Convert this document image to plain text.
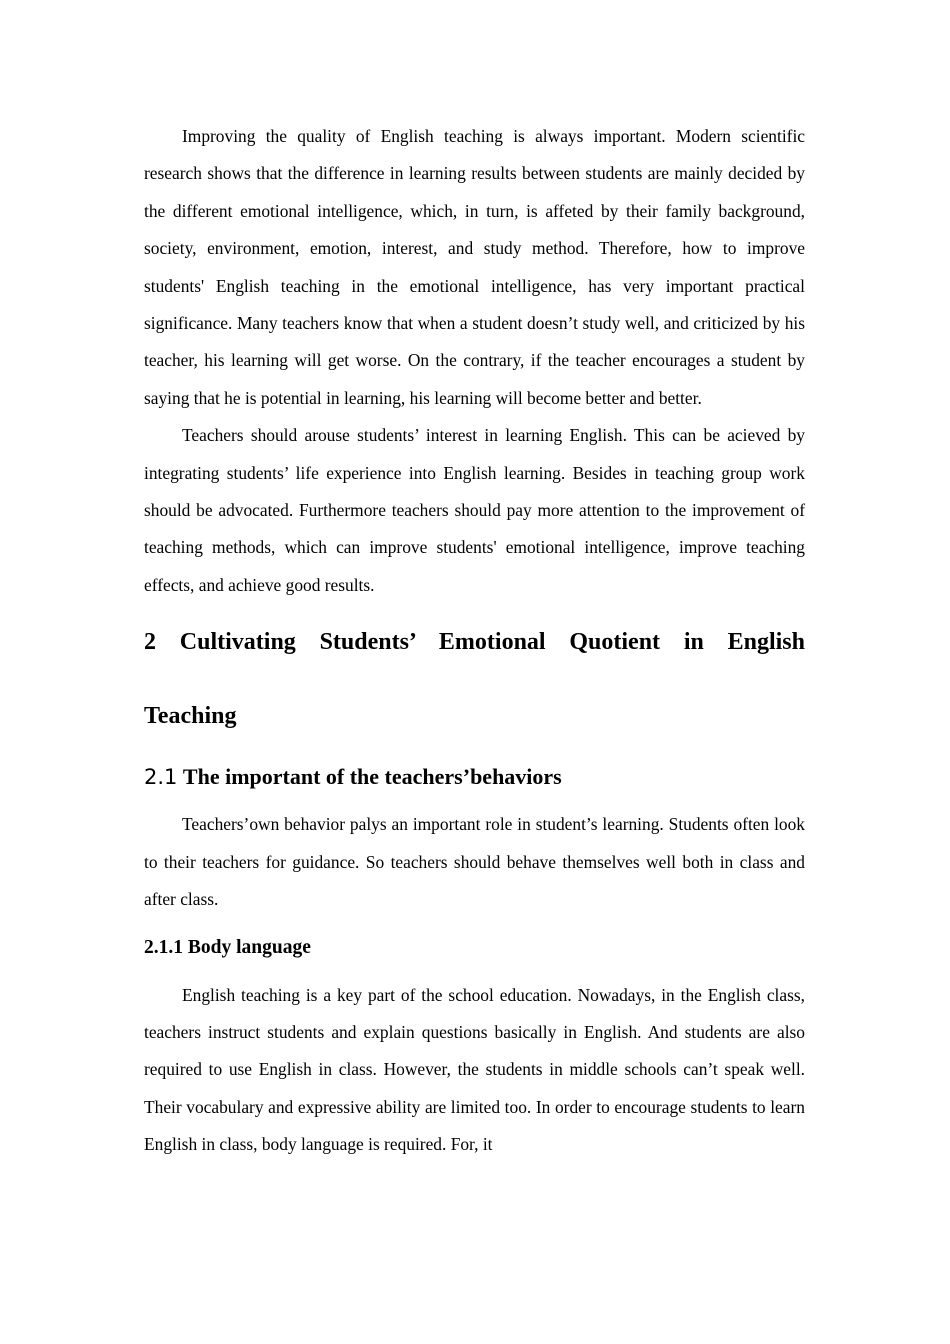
Improving the quality of English teaching is always important. Modern scientific research shows that the difference in learning results between students are mainly decided by the different emotional intelligence, which, in turn, is affeted by their family background, society, environment, emotion, interest, and study method. Therefore, how to improve students' English teaching in the emotional intelligence, has very important practical significance. Many teachers know that when a student doesn’t study well, and criticized by his teacher, his learning will get worse. On the contrary, if the teacher encourages a student by saying that he is potential in learning, his learning will become better and better.

Teachers should arouse students’ interest in learning English. This can be acieved by integrating students’ life experience into English learning. Besides in teaching group work should be advocated. Furthermore teachers should pay more attention to the improvement of teaching methods, which can improve students' emotional intelligence, improve teaching effects, and achieve good results.

2 Cultivating Students’ Emotional Quotient in English
Teaching
2.1 The important of the teachers’behaviors

Teachers’own behavior palys an important role in student’s learning. Students often look to their teachers for guidance. So teachers should behave themselves well both in class and after class.

2.1.1 Body language

English teaching is a key part of the school education. Nowadays, in the English class, teachers instruct students and explain questions basically in English. And students are also required to use English in class. However, the students in middle schools can’t speak well. Their vocabulary and expressive ability are limited too. In order to encourage students to learn English in class, body language is required. For, it
